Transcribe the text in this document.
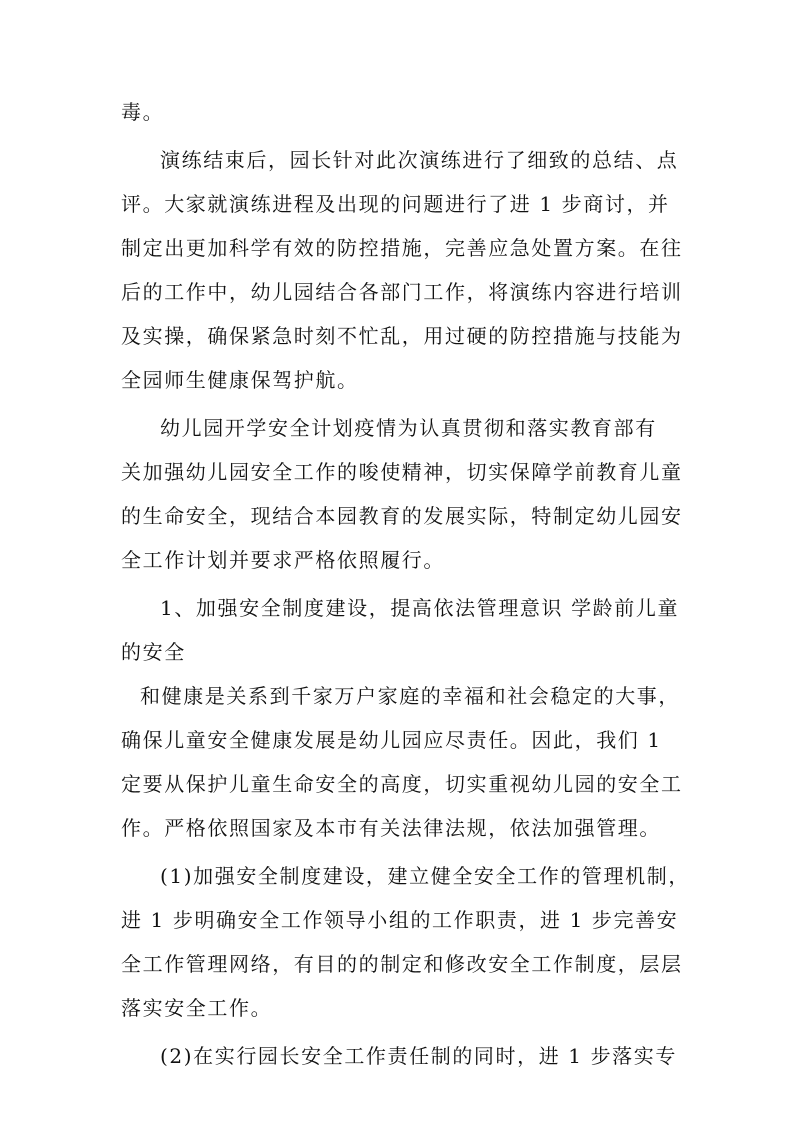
毒。
演练结束后，园长针对此次演练进行了细致的总结、点
评。大家就演练进程及出现的问题进行了进 1 步商讨，并
制定出更加科学有效的防控措施，完善应急处置方案。在往
后的工作中，幼儿园结合各部门工作，将演练内容进行培训
及实操，确保紧急时刻不忙乱，用过硬的防控措施与技能为
全园师生健康保驾护航。
幼儿园开学安全计划疫情为认真贯彻和落实教育部有
关加强幼儿园安全工作的唆使精神，切实保障学前教育儿童
的生命安全，现结合本园教育的发展实际，特制定幼儿园安
全工作计划并要求严格依照履行。
1、加强安全制度建设，提高依法管理意识 学龄前儿童
的安全
和健康是关系到千家万户家庭的幸福和社会稳定的大事，
确保儿童安全健康发展是幼儿园应尽责任。因此，我们 1
定要从保护儿童生命安全的高度，切实重视幼儿园的安全工
作。严格依照国家及本市有关法律法规，依法加强管理。
(1)加强安全制度建设，建立健全安全工作的管理机制，
进 1 步明确安全工作领导小组的工作职责，进 1 步完善安
全工作管理网络，有目的的制定和修改安全工作制度，层层
落实安全工作。
(2)在实行园长安全工作责任制的同时，进 1 步落实专
